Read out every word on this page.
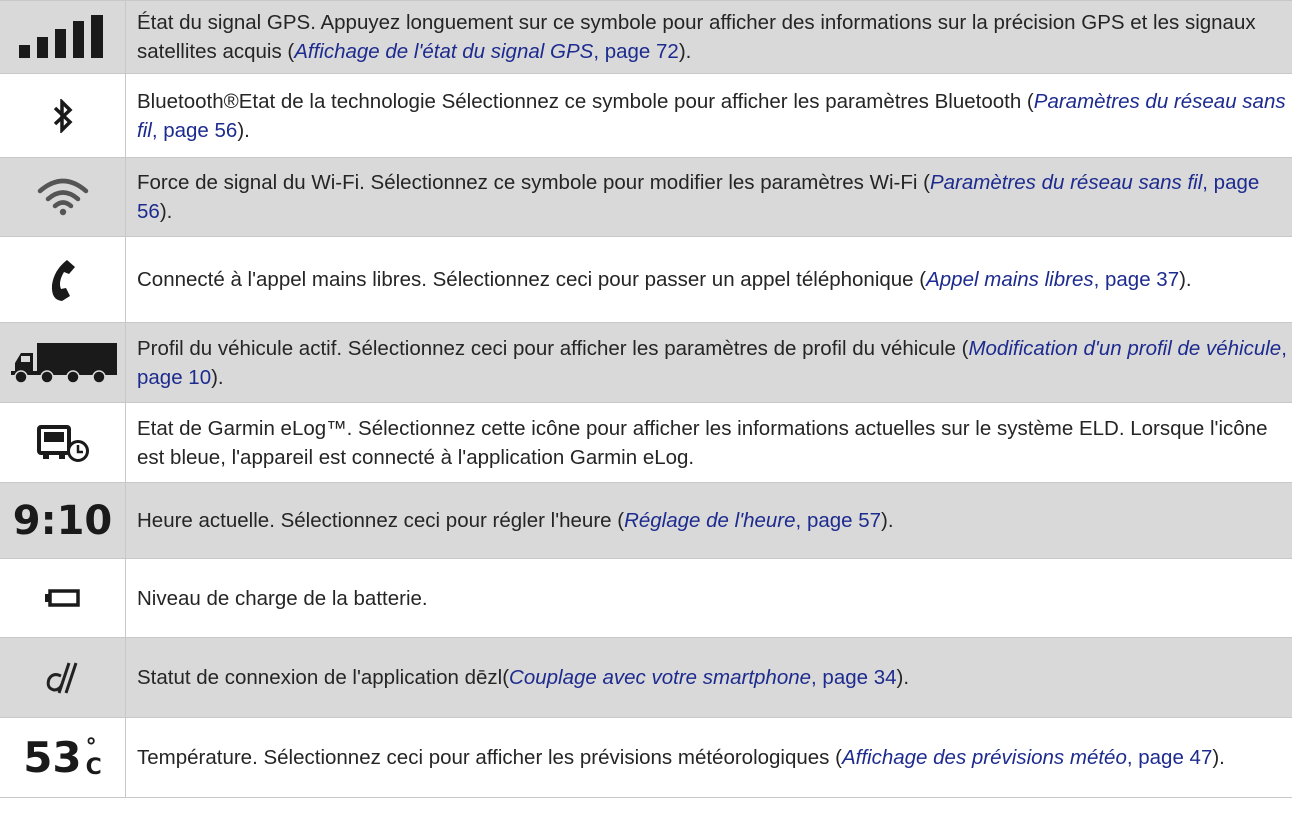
État du signal GPS. Appuyez longuement sur ce symbole pour afficher des informations sur la précision GPS et les signaux satellites acquis (Affichage de l'état du signal GPS, page 72).
Bluetooth®Etat de la technologie Sélectionnez ce symbole pour afficher les paramètres Bluetooth (Paramètres du réseau sans fil, page 56).
Force de signal du Wi-Fi. Sélectionnez ce symbole pour modifier les paramètres Wi-Fi (Paramètres du réseau sans fil, page 56).
Connecté à l'appel mains libres. Sélectionnez ceci pour passer un appel téléphonique (Appel mains libres, page 37).
Profil du véhicule actif. Sélectionnez ceci pour afficher les paramètres de profil du véhicule (Modification d'un profil de véhicule, page 10).
Etat de Garmin eLog™. Sélectionnez cette icône pour afficher les informations actuelles sur le système ELD. Lorsque l'icône est bleue, l'appareil est connecté à l'application Garmin eLog.
9:10	Heure actuelle. Sélectionnez ceci pour régler l'heure (Réglage de l'heure, page 57).
Niveau de charge de la batterie.
Statut de connexion de l'application dēzl(Couplage avec votre smartphone, page 34).
53 °
C	Température. Sélectionnez ceci pour afficher les prévisions météorologiques (Affichage des prévisions météo, page 47).
